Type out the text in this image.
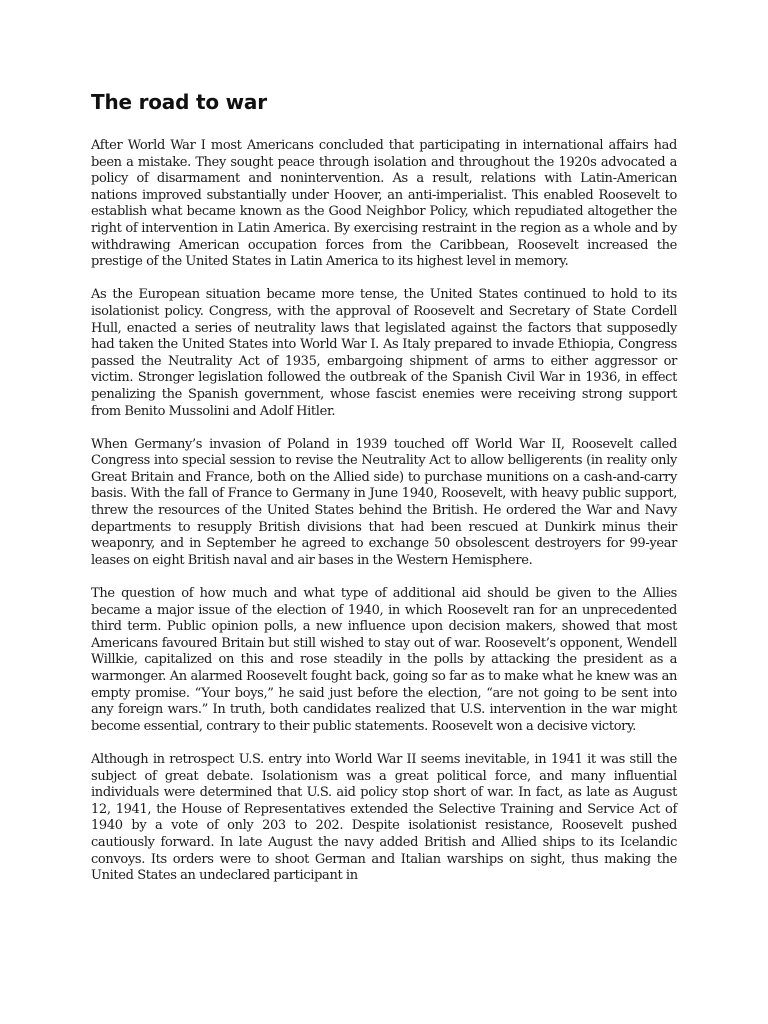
The road to war

After World War I most Americans concluded that participating in international affairs had been a mistake. They sought peace through isolation and throughout the 1920s advocated a policy of disarmament and nonintervention. As a result, relations with Latin-American nations improved substantially under Hoover, an anti-imperialist. This enabled Roosevelt to establish what became known as the Good Neighbor Policy, which repudiated altogether the right of intervention in Latin America. By exercising restraint in the region as a whole and by withdrawing American occupation forces from the Caribbean, Roosevelt increased the prestige of the United States in Latin America to its highest level in memory.

As the European situation became more tense, the United States continued to hold to its isolationist policy. Congress, with the approval of Roosevelt and Secretary of State Cordell Hull, enacted a series of neutrality laws that legislated against the factors that supposedly had taken the United States into World War I. As Italy prepared to invade Ethiopia, Congress passed the Neutrality Act of 1935, embargoing shipment of arms to either aggressor or victim. Stronger legislation followed the outbreak of the Spanish Civil War in 1936, in effect penalizing the Spanish government, whose fascist enemies were receiving strong support from Benito Mussolini and Adolf Hitler.

When Germany’s invasion of Poland in 1939 touched off World War II, Roosevelt called Congress into special session to revise the Neutrality Act to allow belligerents (in reality only Great Britain and France, both on the Allied side) to purchase munitions on a cash-and-carry basis. With the fall of France to Germany in June 1940, Roosevelt, with heavy public support, threw the resources of the United States behind the British. He ordered the War and Navy departments to resupply British divisions that had been rescued at Dunkirk minus their weaponry, and in September he agreed to exchange 50 obsolescent destroyers for 99-year leases on eight British naval and air bases in the Western Hemisphere.

The question of how much and what type of additional aid should be given to the Allies became a major issue of the election of 1940, in which Roosevelt ran for an unprecedented third term. Public opinion polls, a new influence upon decision makers, showed that most Americans favoured Britain but still wished to stay out of war. Roosevelt’s opponent, Wendell Willkie, capitalized on this and rose steadily in the polls by attacking the president as a warmonger. An alarmed Roosevelt fought back, going so far as to make what he knew was an empty promise. “Your boys,” he said just before the election, “are not going to be sent into any foreign wars.” In truth, both candidates realized that U.S. intervention in the war might become essential, contrary to their public statements. Roosevelt won a decisive victory.

Although in retrospect U.S. entry into World War II seems inevitable, in 1941 it was still the subject of great debate. Isolationism was a great political force, and many influential individuals were determined that U.S. aid policy stop short of war. In fact, as late as August 12, 1941, the House of Representatives extended the Selective Training and Service Act of 1940 by a vote of only 203 to 202. Despite isolationist resistance, Roosevelt pushed cautiously forward. In late August the navy added British and Allied ships to its Icelandic convoys. Its orders were to shoot German and Italian warships on sight, thus making the United States an undeclared participant in
